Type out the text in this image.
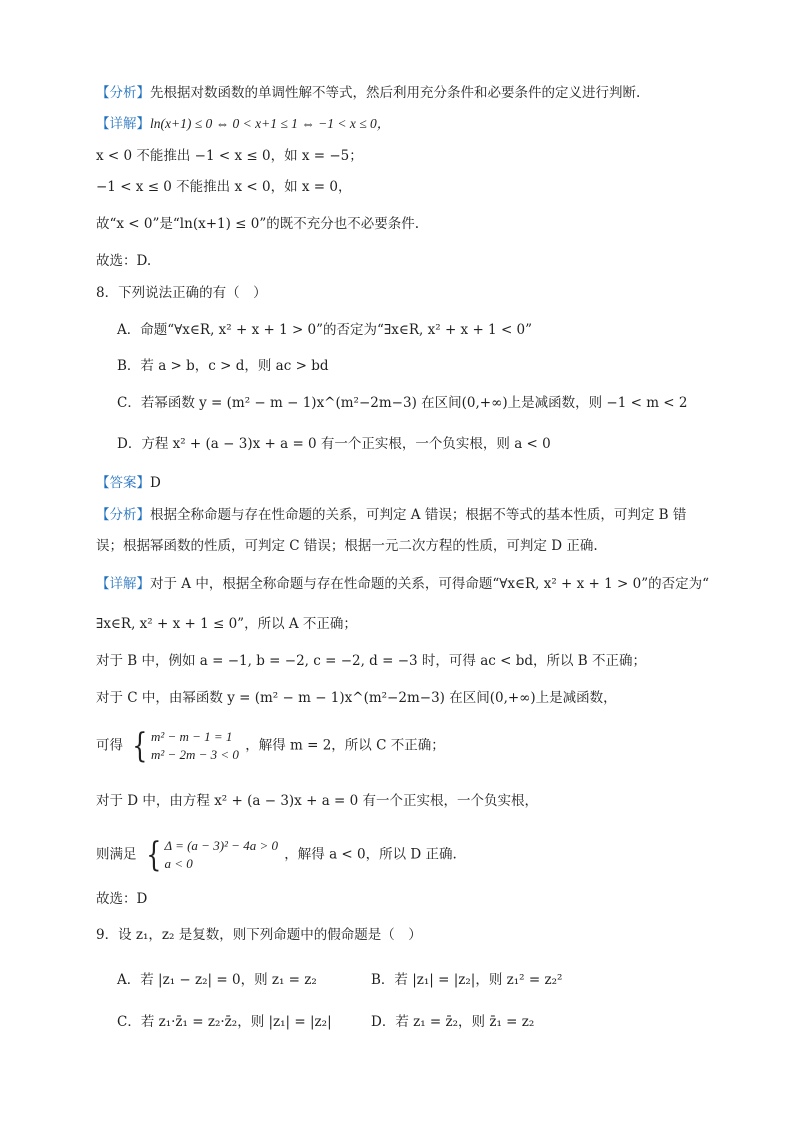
【分析】先根据对数函数的单调性解不等式，然后利用充分条件和必要条件的定义进行判断.
【详解】ln(x+1) ≤ 0 ⇔ 0 < x+1 ≤ 1 ⇔ −1 < x ≤ 0，
x < 0 不能推出 −1 < x ≤ 0，如 x = −5；
−1 < x ≤ 0 不能推出 x < 0，如 x = 0，
故“x < 0”是“ln(x+1) ≤ 0”的既不充分也不必要条件.
故选：D.
8．下列说法正确的有（　）
A．命题“∀x∈R, x² + x + 1 > 0”的否定为“∃x∈R, x² + x + 1 < 0”
B．若 a > b，c > d，则 ac > bd
C．若幂函数 y = (m² − m − 1)x^(m²−2m−3) 在区间(0,+∞)上是减函数，则 −1 < m < 2
D．方程 x² + (a − 3)x + a = 0 有一个正实根，一个负实根，则 a < 0
【答案】D
【分析】根据全称命题与存在性命题的关系，可判定 A 错误；根据不等式的基本性质，可判定 B 错
误；根据幂函数的性质，可判定 C 错误；根据一元二次方程的性质，可判定 D 正确.
【详解】对于 A 中，根据全称命题与存在性命题的关系，可得命题“∀x∈R, x² + x + 1 > 0”的否定为“
∃x∈R, x² + x + 1 ≤ 0”，所以 A 不正确；
对于 B 中，例如 a = −1, b = −2, c = −2, d = −3 时，可得 ac < bd，所以 B 不正确；
对于 C 中，由幂函数 y = (m² − m − 1)x^(m²−2m−3) 在区间(0,+∞)上是减函数，
可得 { m² − m − 1 = 1
m² − 2m − 3 < 0
，解得 m = 2，所以 C 不正确；
对于 D 中，由方程 x² + (a − 3)x + a = 0 有一个正实根，一个负实根，
则满足 { Δ = (a − 3)² − 4a > 0
a < 0
，解得 a < 0，所以 D 正确.
故选：D
9．设 z₁，z₂ 是复数，则下列命题中的假命题是（　）
A．若 |z₁ − z₂| = 0，则 z₁ = z₂	B．若 |z₁| = |z₂|，则 z₁² = z₂²
C．若 z₁·z̄₁ = z₂·z̄₂，则 |z₁| = |z₂|	D．若 z₁ = z̄₂，则 z̄₁ = z₂
